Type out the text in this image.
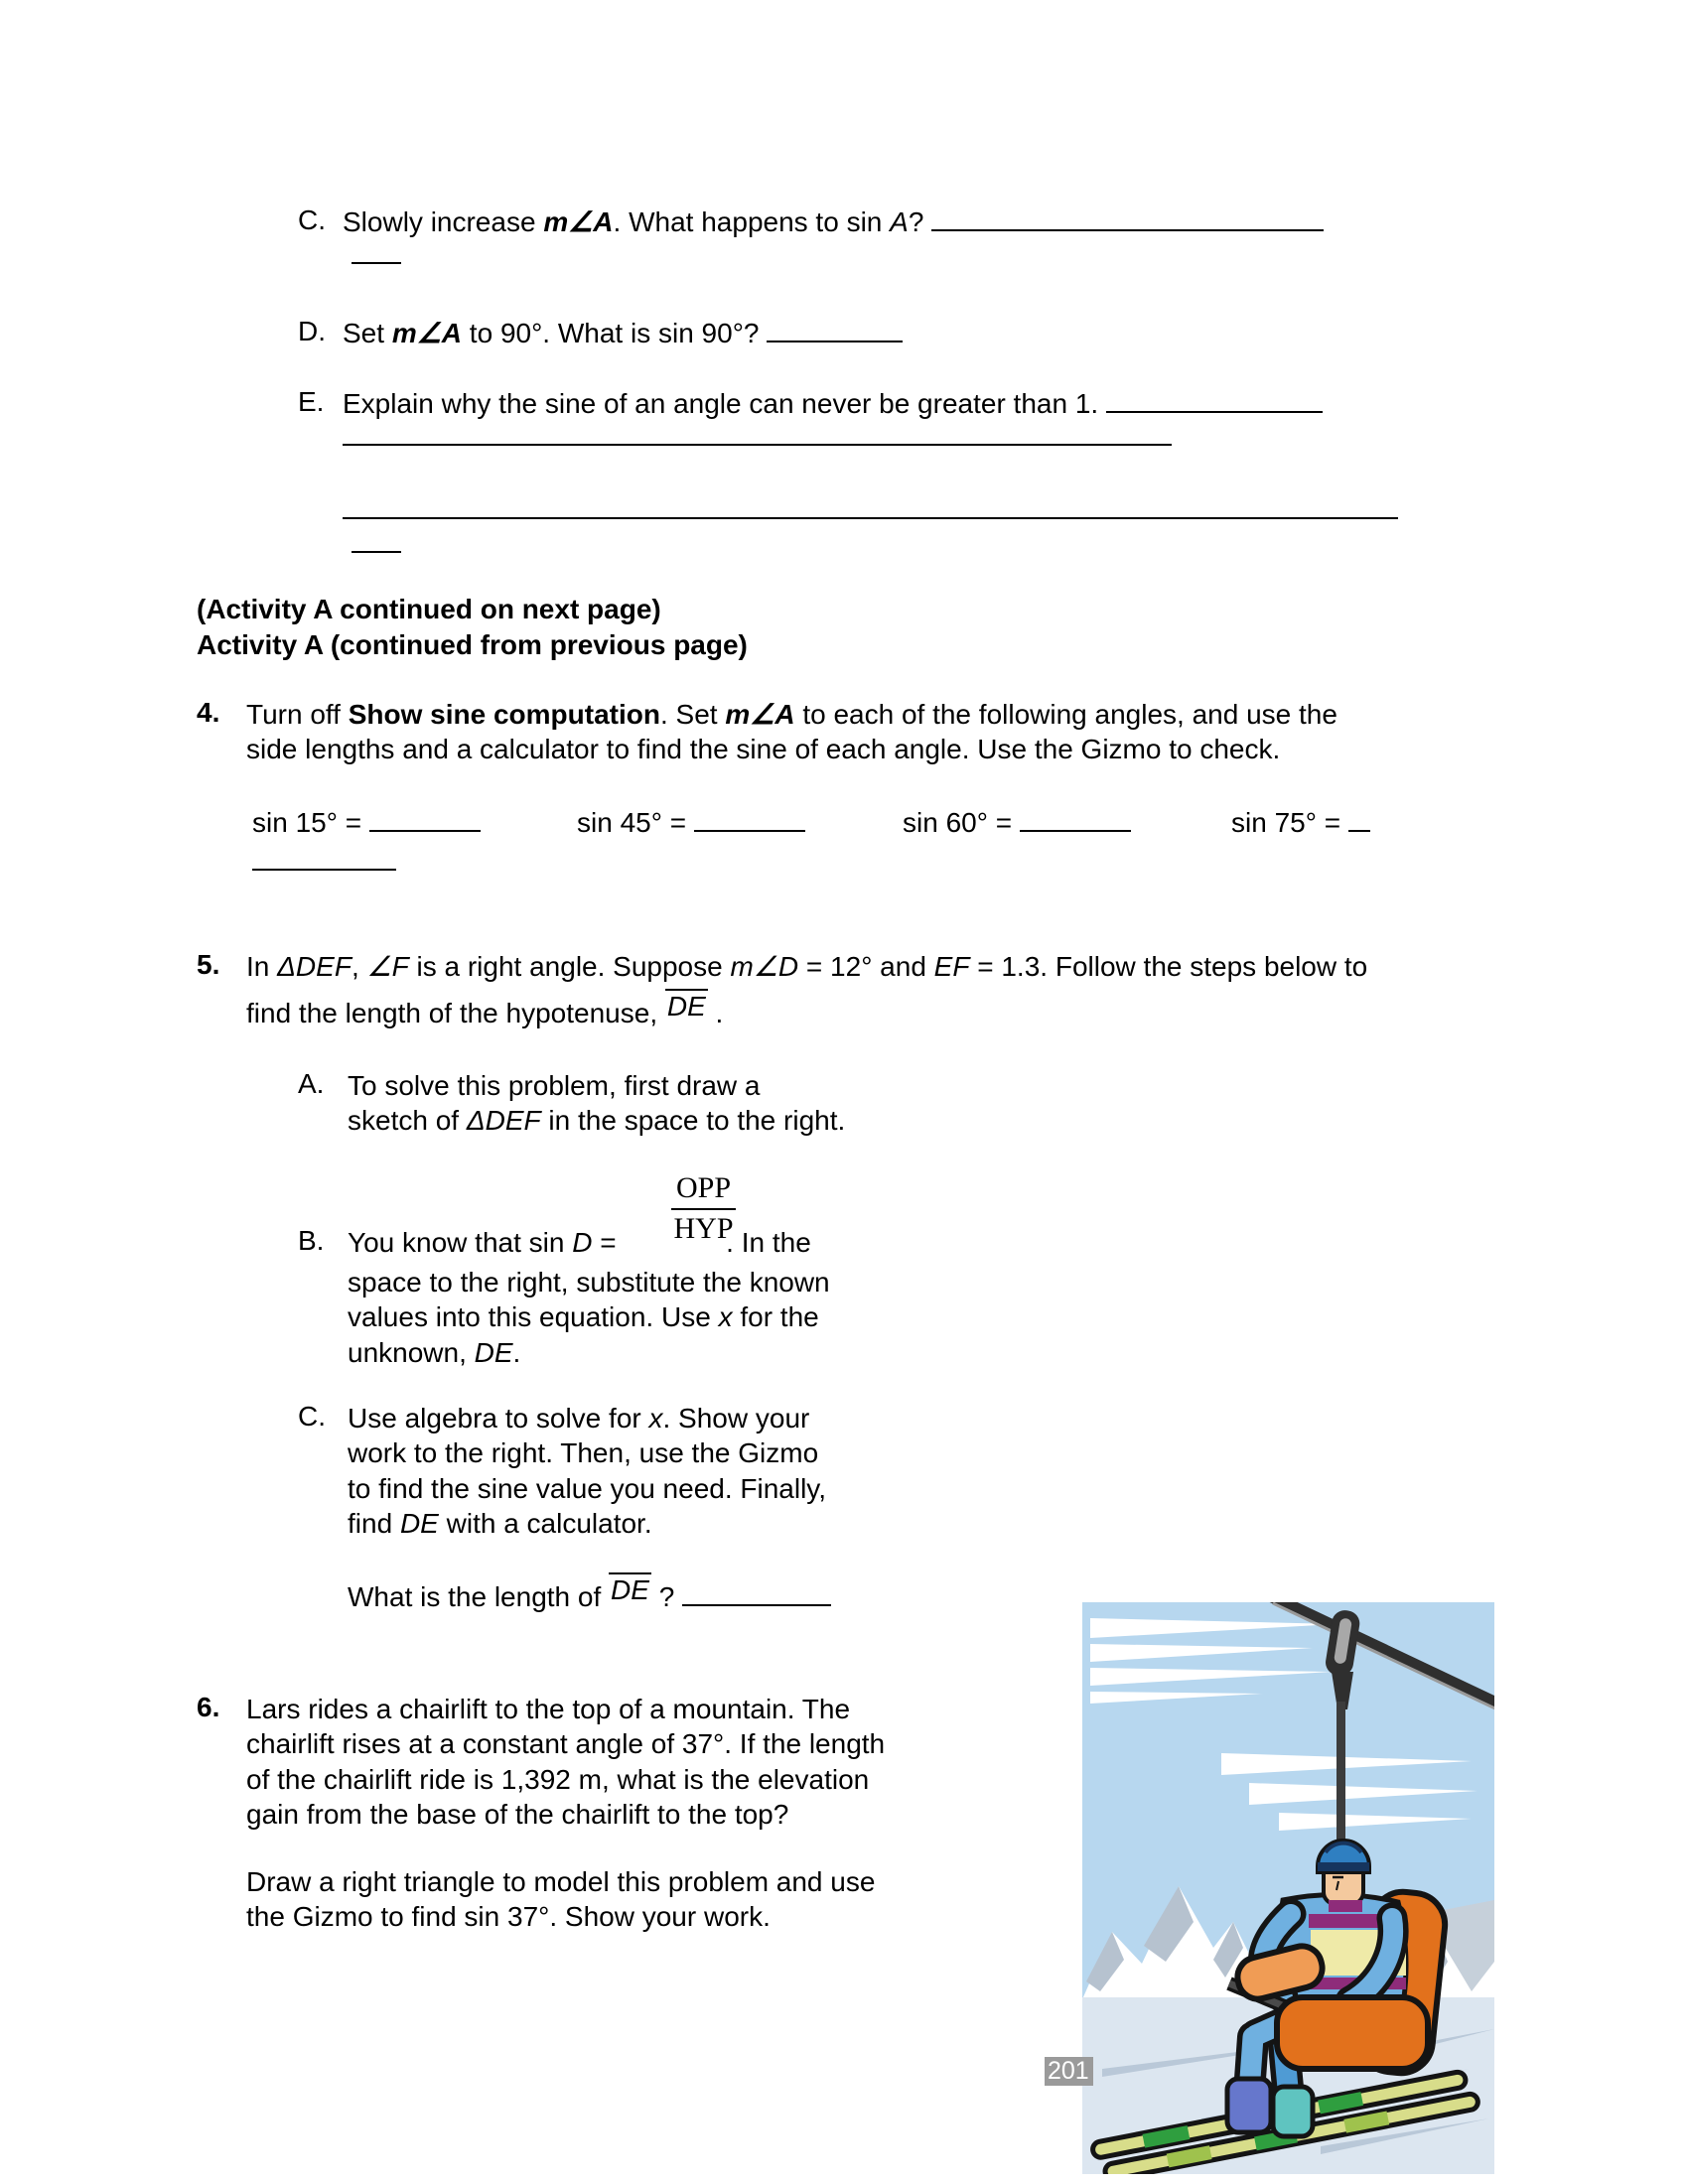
C. Slowly increase m∠A. What happens to sin A?
D. Set m∠A to 90°. What is sin 90°?
E. Explain why the sine of an angle can never be greater than 1.
(Activity A continued on next page)
Activity A (continued from previous page)
4. Turn off Show sine computation. Set m∠A to each of the following angles, and use the
side lengths and a calculator to find the sine of each angle. Use the Gizmo to check.
sin 15° =	sin 45° =	sin 60° =	sin 75° =
5. In ΔDEF, ∠F is a right angle. Suppose m∠D = 12° and EF = 1.3. Follow the steps below to
find the length of the hypotenuse, DE .
A. To solve this problem, first draw a
sketch of ΔDEF in the space to the right.
B. You know that sin D =	. In the
OPP
HYP
space to the right, substitute the known
values into this equation. Use x for the
unknown, DE.
C. Use algebra to solve for x. Show your
work to the right. Then, use the Gizmo
to find the sine value you need. Finally,
find DE with a calculator.
What is the length of DE ?
6. Lars rides a chairlift to the top of a mountain. The
chairlift rises at a constant angle of 37°. If the length
of the chairlift ride is 1,392 m, what is the elevation
gain from the base of the chairlift to the top?
Draw a right triangle to model this problem and use
the Gizmo to find sin 37°. Show your work.
201
